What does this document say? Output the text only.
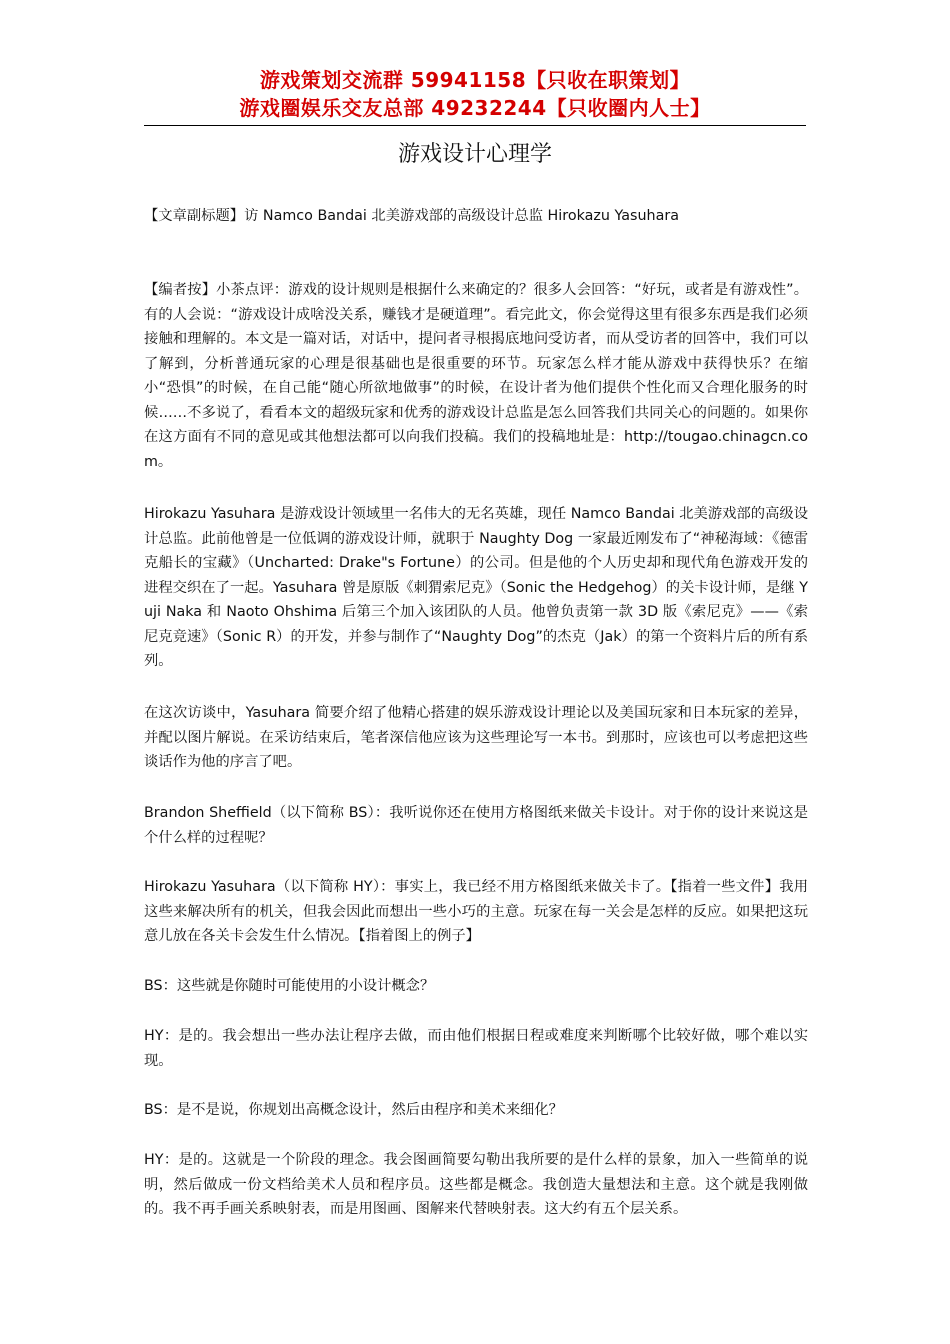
游戏策划交流群 59941158【只收在职策划】
游戏圈娱乐交友总部 49232244【只收圈内人士】
游戏设计心理学
【文章副标题】访 Namco Bandai 北美游戏部的高级设计总监 Hirokazu Yasuhara
【编者按】小茶点评：游戏的设计规则是根据什么来确定的？很多人会回答：“好玩，或者是有游戏性”。有的人会说：“游戏设计成啥没关系，赚钱才是硬道理”。看完此文，你会觉得这里有很多东西是我们必须接触和理解的。本文是一篇对话，对话中，提问者寻根揭底地问受访者，而从受访者的回答中，我们可以了解到，分析普通玩家的心理是很基础也是很重要的环节。玩家怎么样才能从游戏中获得快乐？在缩小“恐惧”的时候，在自己能“随心所欲地做事”的时候，在设计者为他们提供个性化而又合理化服务的时候……不多说了，看看本文的超级玩家和优秀的游戏设计总监是怎么回答我们共同关心的问题的。如果你在这方面有不同的意见或其他想法都可以向我们投稿。我们的投稿地址是：http://tougao.chinagcn.com。
Hirokazu Yasuhara 是游戏设计领域里一名伟大的无名英雄，现任 Namco Bandai 北美游戏部的高级设计总监。此前他曾是一位低调的游戏设计师，就职于 Naughty Dog 一家最近刚发布了“神秘海域：《德雷克船长的宝藏》（Uncharted: Drake"s Fortune）的公司。但是他的个人历史却和现代角色游戏开发的进程交织在了一起。Yasuhara 曾是原版《刺猬索尼克》（Sonic the Hedgehog）的关卡设计师，是继 Yuji Naka 和 Naoto Ohshima 后第三个加入该团队的人员。他曾负责第一款 3D 版《索尼克》——《索尼克竞速》（Sonic R）的开发，并参与制作了“Naughty Dog”的杰克（Jak）的第一个资料片后的所有系列。
在这次访谈中，Yasuhara 简要介绍了他精心搭建的娱乐游戏设计理论以及美国玩家和日本玩家的差异，并配以图片解说。在采访结束后，笔者深信他应该为这些理论写一本书。到那时，应该也可以考虑把这些谈话作为他的序言了吧。
Brandon Sheffield（以下简称 BS）：我听说你还在使用方格图纸来做关卡设计。对于你的设计来说这是个什么样的过程呢？
Hirokazu Yasuhara（以下简称 HY）：事实上，我已经不用方格图纸来做关卡了。【指着一些文件】我用这些来解决所有的机关，但我会因此而想出一些小巧的主意。玩家在每一关会是怎样的反应。如果把这玩意儿放在各关卡会发生什么情况。【指着图上的例子】
BS：这些就是你随时可能使用的小设计概念？
HY：是的。我会想出一些办法让程序去做，而由他们根据日程或难度来判断哪个比较好做，哪个难以实现。
BS：是不是说，你规划出高概念设计，然后由程序和美术来细化？
HY：是的。这就是一个阶段的理念。我会图画简要勾勒出我所要的是什么样的景象，加入一些简单的说明，然后做成一份文档给美术人员和程序员。这些都是概念。我创造大量想法和主意。这个就是我刚做的。我不再手画关系映射表，而是用图画、图解来代替映射表。这大约有五个层关系。
